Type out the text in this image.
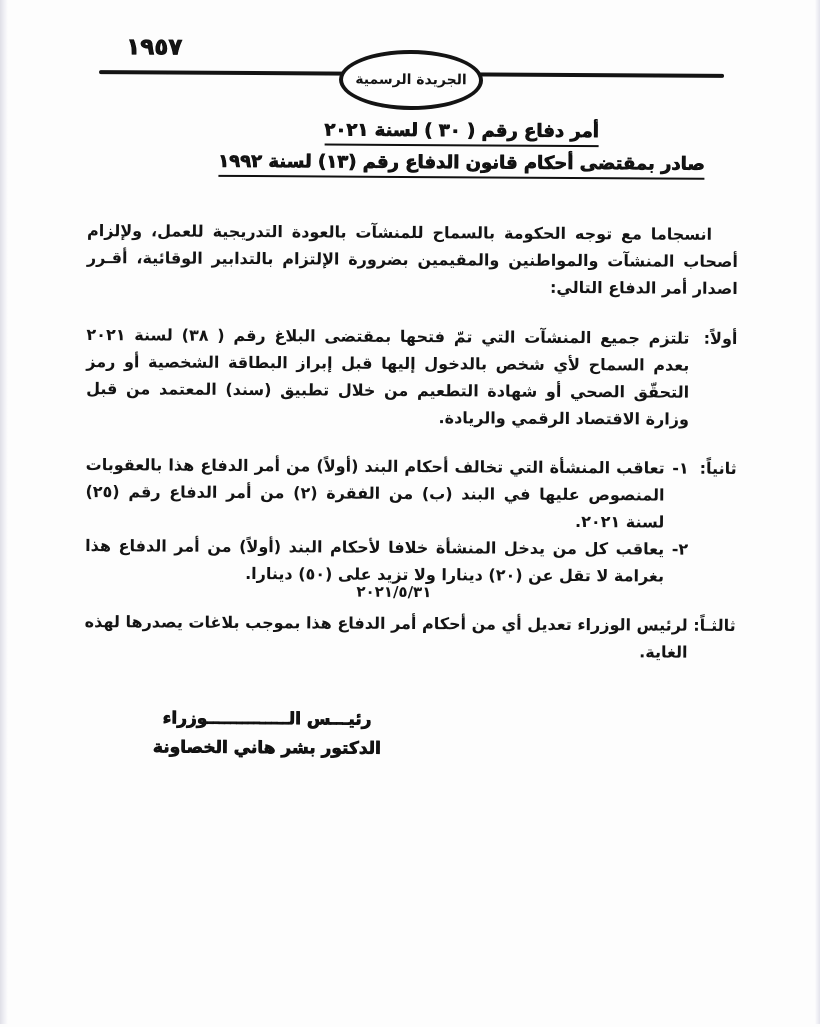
١٩٥٧
الجريدة الرسمية
أمر دفاع رقم ( ٣٠ ) لسنة ٢٠٢١
صادر بمقتضى أحكام قانون الدفاع رقم (١٣) لسنة ١٩٩٢

انسجاما مع توجه الحكومة بالسماح للمنشآت بالعودة التدريجية للعمل، ولإلزام أصحاب المنشآت والمواطنين والمقيمين بضرورة الإلتزام بالتدابير الوقائية، أقـرر اصدار أمر الدفاع التالي:

أولاً:
تلتزم جميع المنشآت التي تمّ فتحها بمقتضى البلاغ رقم ( ٣٨) لسنة ٢٠٢١ بعدم السماح لأي شخص بالدخول إليها قبل إبراز البطاقة الشخصية أو رمز التحقّق الصحي أو شهادة التطعيم من خلال تطبيق (سند) المعتمد من قبل وزارة الاقتصاد الرقمي والريادة.
ثانياً:
١-
تعاقب المنشأة التي تخالف أحكام البند (أولاً) من أمر الدفاع هذا بالعقوبات المنصوص عليها في البند (ب) من الفقرة (٢) من أمر الدفاع رقم (٢٥) لسنة ٢٠٢١.
٢-
يعاقب كل من يدخل المنشأة خلافا لأحكام البند (أولاً) من أمر الدفاع هذا بغرامة لا تقل عن (٢٠) دينارا ولا تزيد على (٥٠) دينارا.
ثالثـاً:
لرئيس الوزراء تعديل أي من أحكام أمر الدفاع هذا بموجب بلاغات يصدرها لهذه الغاية.
٢٠٢١/٥/٣١
رئيـــس الــــــــــــــوزراء
الدكتور بشر هاني الخصاونة
